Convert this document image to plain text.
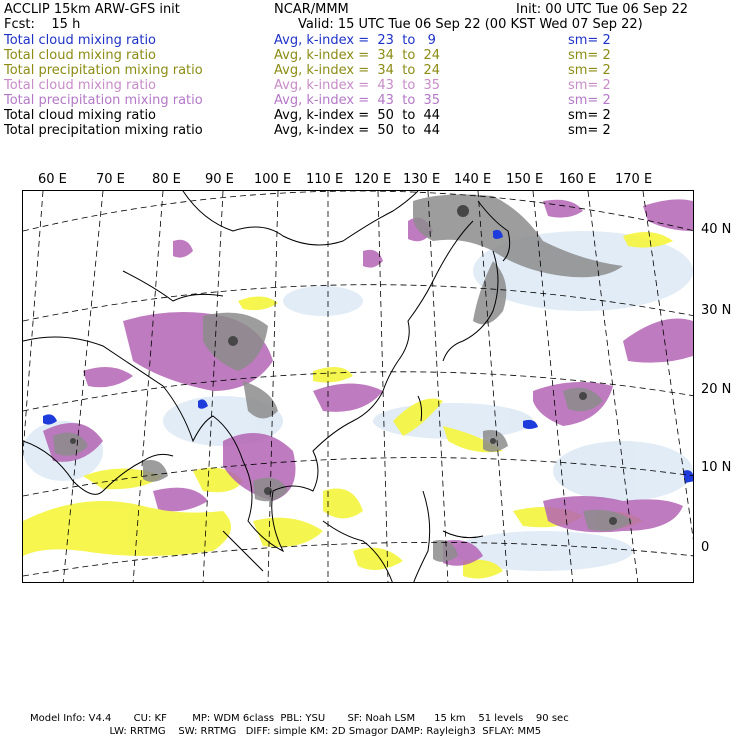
ACCLIP 15km ARW-GFS init	NCAR/MMM	Init: 00 UTC Tue 06 Sep 22
Fcst:    15 h	Valid: 15 UTC Tue 06 Sep 22 (00 KST Wed 07 Sep 22)
Total cloud mixing ratio	Avg, k-index =  23  to   9	sm= 2
Total cloud mixing ratio	Avg, k-index =  34  to  24	sm= 2
Total precipitation mixing ratio	Avg, k-index =  34  to  24	sm= 2
Total cloud mixing ratio	Avg, k-index =  43  to  35	sm= 2
Total precipitation mixing ratio	Avg, k-index =  43  to  35	sm= 2
Total cloud mixing ratio	Avg, k-index =  50  to  44	sm= 2
Total precipitation mixing ratio	Avg, k-index =  50  to  44	sm= 2
60 E 70 E 80 E 90 E 100 E 110 E 120 E 130 E 140 E 150 E 160 E 170 E
40 N
30 N
20 N
10 N
0
Model Info: V4.4       CU: KF        MP: WDM 6class  PBL: YSU       SF: Noah LSM      15 km    51 levels    90 sec
LW: RRTMG    SW: RRTMG   DIFF: simple KM: 2D Smagor DAMP: Rayleigh3  SFLAY: MM5
